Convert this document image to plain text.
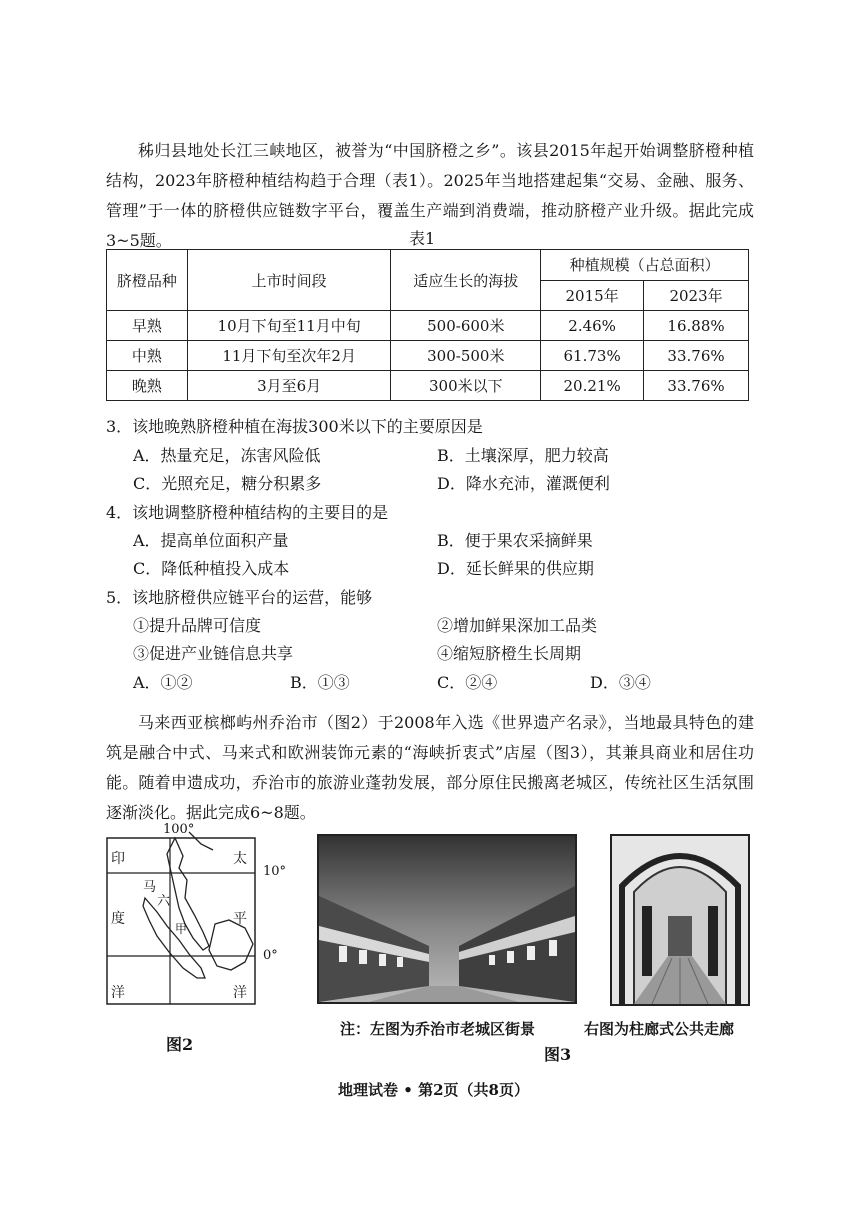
秭归县地处长江三峡地区，被誉为“中国脐橙之乡”。该县2015年起开始调整脐橙种植结构，2023年脐橙种植结构趋于合理（表1）。2025年当地搭建起集“交易、金融、服务、管理”于一体的脐橙供应链数字平台，覆盖生产端到消费端，推动脐橙产业升级。据此完成3~5题。	表1
脐橙品种	上市时间段	适应生长的海拔	种植规模（占总面积）	
			2015年	2023年
早熟	10月下旬至11月中旬	500-600米	2.46%	16.88%
中熟	11月下旬至次年2月	300-500米	61.73%	33.76%
晚熟	3月至6月	300米以下	20.21%	33.76%
3．该地晚熟脐橙种植在海拔300米以下的主要原因是
A．热量充足，冻害风险低	B．土壤深厚，肥力较高
C．光照充足，糖分积累多	D．降水充沛，灌溉便利
4．该地调整脐橙种植结构的主要目的是
A．提高单位面积产量	B．便于果农采摘鲜果
C．降低种植投入成本	D．延长鲜果的供应期
5．该地脐橙供应链平台的运营，能够
①提升品牌可信度	②增加鲜果深加工品类
③促进产业链信息共享	④缩短脐橙生长周期
A．①②	B．①③	C．②④	D．③④

马来西亚槟榔屿州乔治市（图2）于2008年入选《世界遗产名录》，当地最具特色的建筑是融合中式、马来式和欧洲装饰元素的“海峡折衷式”店屋（图3），其兼具商业和居住功能。随着申遗成功，乔治市的旅游业蓬勃发展，部分原住民搬离老城区，传统社区生活氛围逐渐淡化。据此完成6~8题。

100°
10°
0°
印
度
洋
太
平
洋
马
六
甲
图2
注：左图为乔治市老城区街景	右图为柱廊式公共走廊
图3
地理试卷 • 第2页（共8页）
